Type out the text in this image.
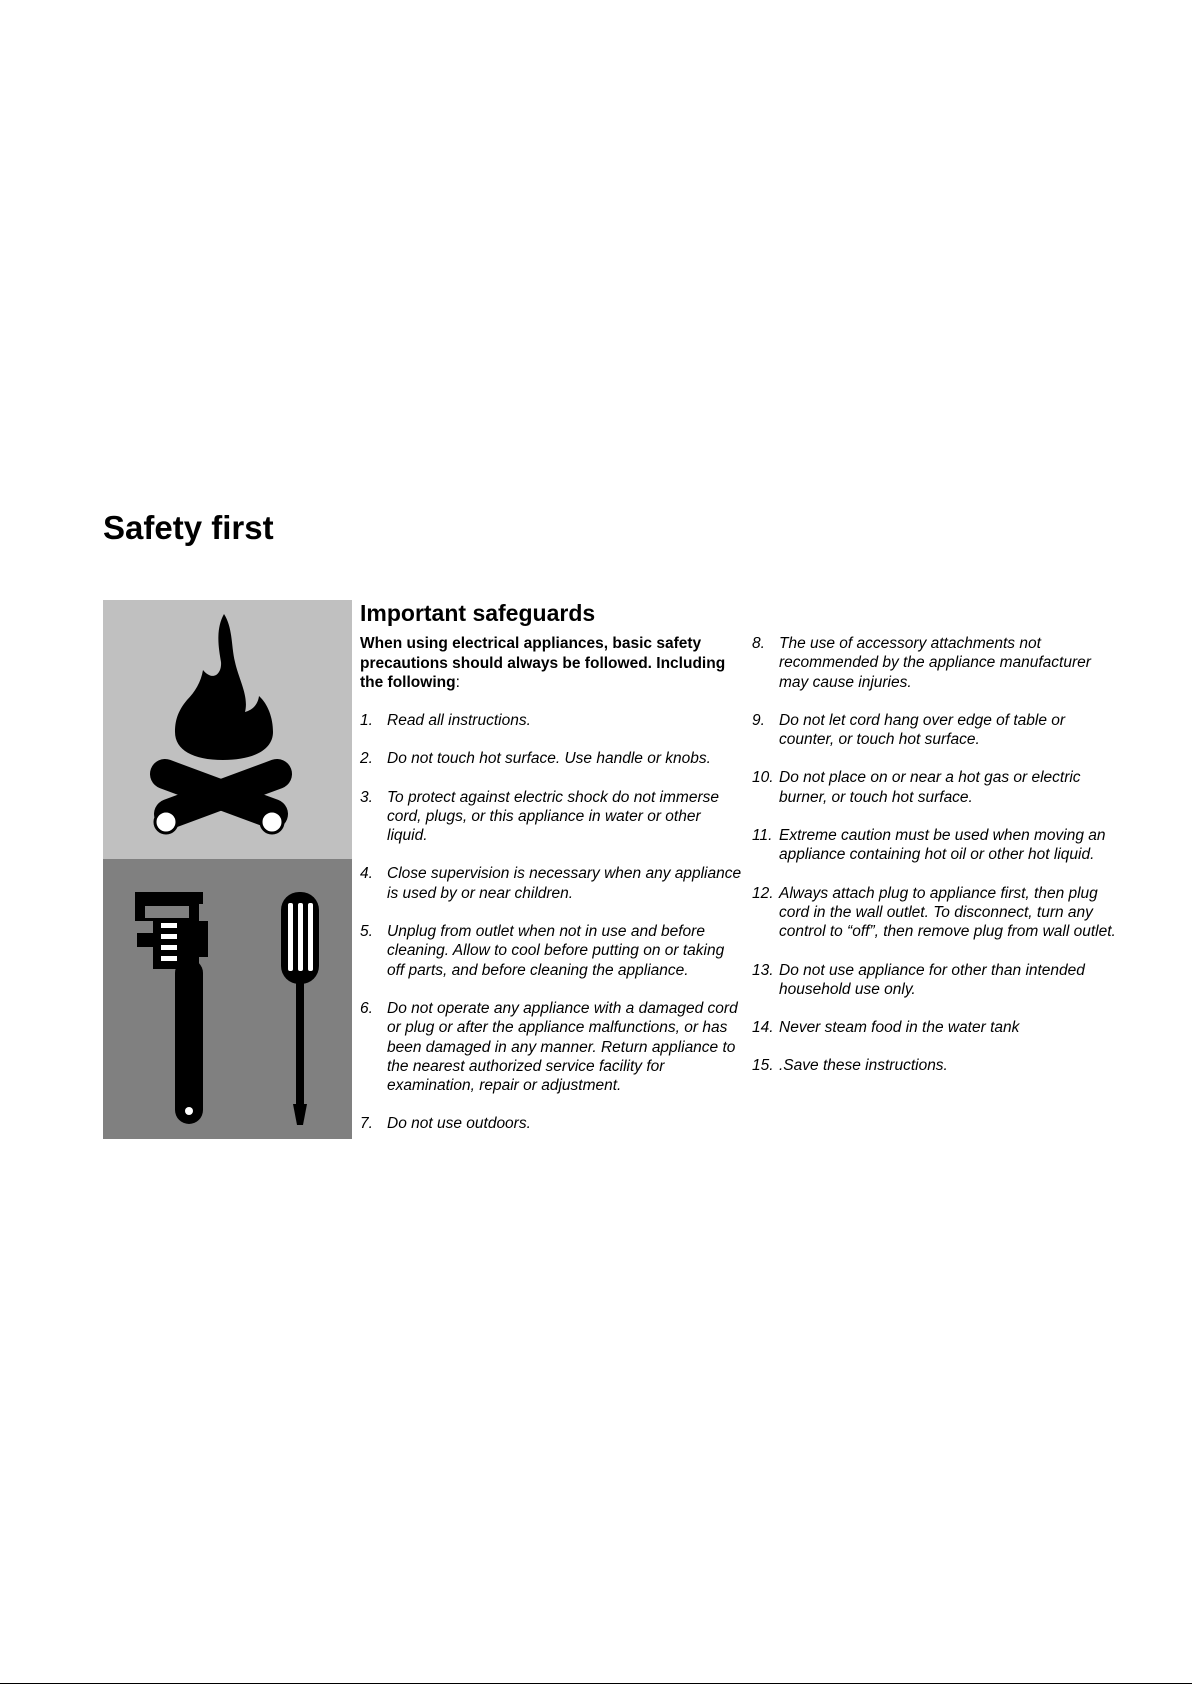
Safety first
Important safeguards

When using electrical appliances, basic safety precautions should always be followed. Including the following:

1. Read all instructions.
2. Do not touch hot surface. Use handle or knobs.
3. To protect against electric shock do not immerse cord, plugs, or this appliance in water or other liquid.
4. Close supervision is necessary when any appliance is used by or near children.
5. Unplug from outlet when not in use and before cleaning. Allow to cool before putting on or taking off parts, and before cleaning the appliance.
6. Do not operate any appliance with a damaged cord or plug or after the appliance malfunctions, or has been damaged in any manner. Return appliance to the nearest authorized service facility for examination, repair or adjustment.
7. Do not use outdoors.
8. The use of accessory attachments not recommended by the appliance manufacturer may cause injuries.
9. Do not let cord hang over edge of table or counter, or touch hot surface.
10. Do not place on or near a hot gas or electric burner, or touch hot surface.
11. Extreme caution must be used when moving an appliance containing hot oil or other hot liquid.
12. Always attach plug to appliance first, then plug cord in the wall outlet. To disconnect, turn any control to “off”, then remove plug from wall outlet.
13. Do not use appliance for other than intended household use only.
14. Never steam food in the water tank
15. .Save these instructions.
